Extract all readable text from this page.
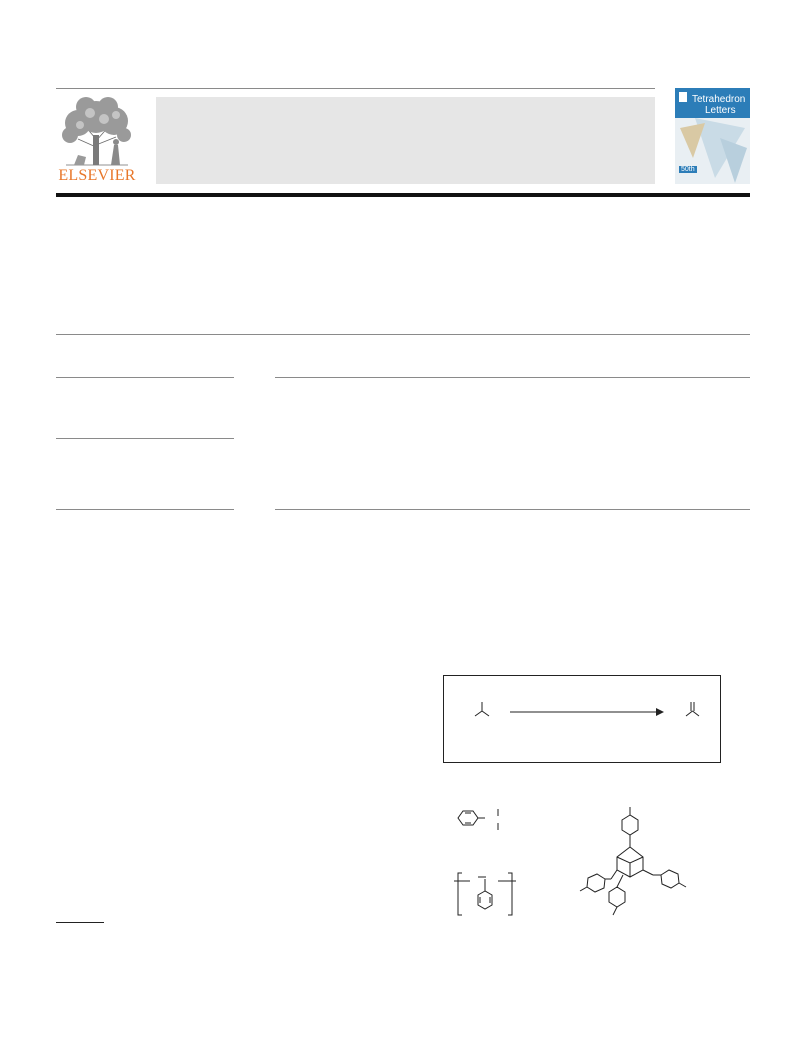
ELSEVIER
Tetrahedron
Letters
50th
